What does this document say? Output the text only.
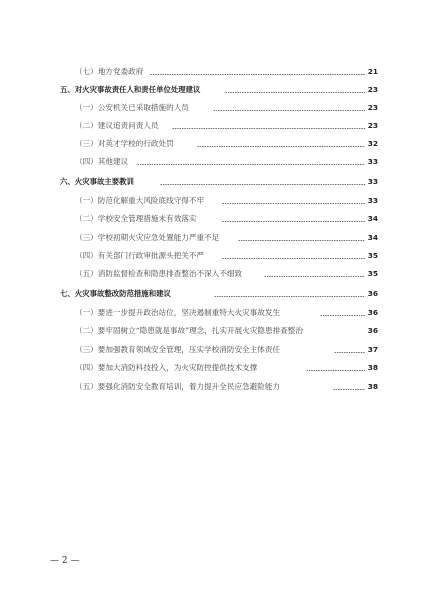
（七）地方党委政府	21
五、对火灾事故责任人和责任单位处理建议	23
（一）公安机关已采取措施的人员	23
（二）建议追责问责人员	23
（三）对英才学校的行政处罚	32
（四）其他建议	33
六、火灾事故主要教训	33
（一）防范化解重大风险底线守得不牢	33
（二）学校安全管理措施未有效落实	34
（三）学校初期火灾应急处置能力严重不足	34
（四）有关部门行政审批源头把关不严	35
（五）消防监督检查和隐患排查整治不深入不细致	35
七、火灾事故整改防范措施和建议	36
（一）要进一步提升政治站位，坚决遏制重特大火灾事故发生	36
（二）要牢固树立“隐患就是事故”理念，扎实开展火灾隐患排查整治	36
（三）要加强教育领域安全管理，压实学校消防安全主体责任	37
（四）要加大消防科技投入，为火灾防控提供技术支撑	38
（五）要强化消防安全教育培训，着力提升全民应急避险能力	38
— 2 —
